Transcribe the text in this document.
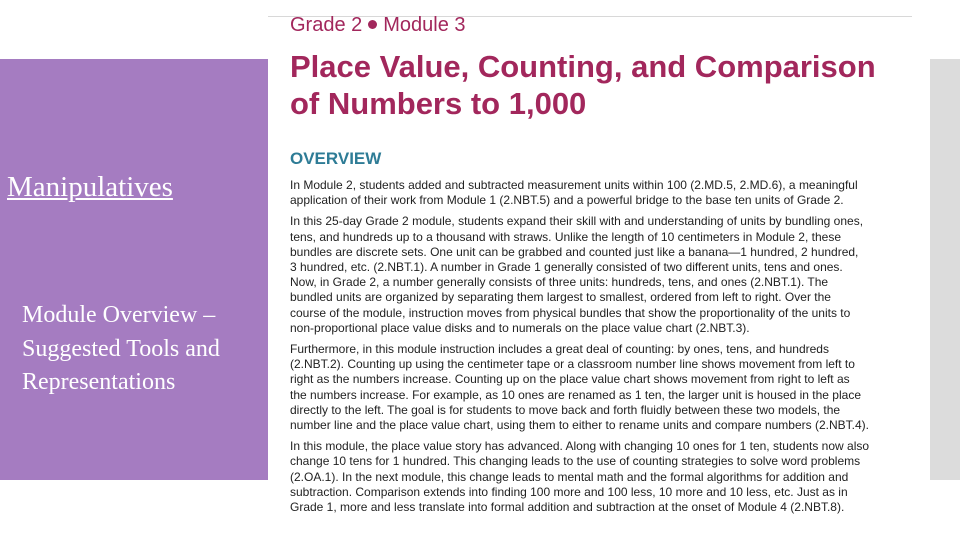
Manipulatives
Module Overview – Suggested Tools and Representations
Grade 2 Module 3
Place Value, Counting, and Comparison of Numbers to 1,000
OVERVIEW

In Module 2, students added and subtracted measurement units within 100 (2.MD.5, 2.MD.6), a meaningful
application of their work from Module 1 (2.NBT.5) and a powerful bridge to the base ten units of Grade 2.

In this 25-day Grade 2 module, students expand their skill with and understanding of units by bundling ones,
tens, and hundreds up to a thousand with straws. Unlike the length of 10 centimeters in Module 2, these
bundles are discrete sets. One unit can be grabbed and counted just like a banana—1 hundred, 2 hundred,
3 hundred, etc. (2.NBT.1). A number in Grade 1 generally consisted of two different units, tens and ones.
Now, in Grade 2, a number generally consists of three units: hundreds, tens, and ones (2.NBT.1). The
bundled units are organized by separating them largest to smallest, ordered from left to right. Over the
course of the module, instruction moves from physical bundles that show the proportionality of the units to
non-proportional place value disks and to numerals on the place value chart (2.NBT.3).

Furthermore, in this module instruction includes a great deal of counting: by ones, tens, and hundreds
(2.NBT.2). Counting up using the centimeter tape or a classroom number line shows movement from left to
right as the numbers increase. Counting up on the place value chart shows movement from right to left as
the numbers increase. For example, as 10 ones are renamed as 1 ten, the larger unit is housed in the place
directly to the left. The goal is for students to move back and forth fluidly between these two models, the
number line and the place value chart, using them to either to rename units and compare numbers (2.NBT.4).

In this module, the place value story has advanced. Along with changing 10 ones for 1 ten, students now also
change 10 tens for 1 hundred. This changing leads to the use of counting strategies to solve word problems
(2.OA.1). In the next module, this change leads to mental math and the formal algorithms for addition and
subtraction. Comparison extends into finding 100 more and 100 less, 10 more and 10 less, etc. Just as in
Grade 1, more and less translate into formal addition and subtraction at the onset of Module 4 (2.NBT.8).
